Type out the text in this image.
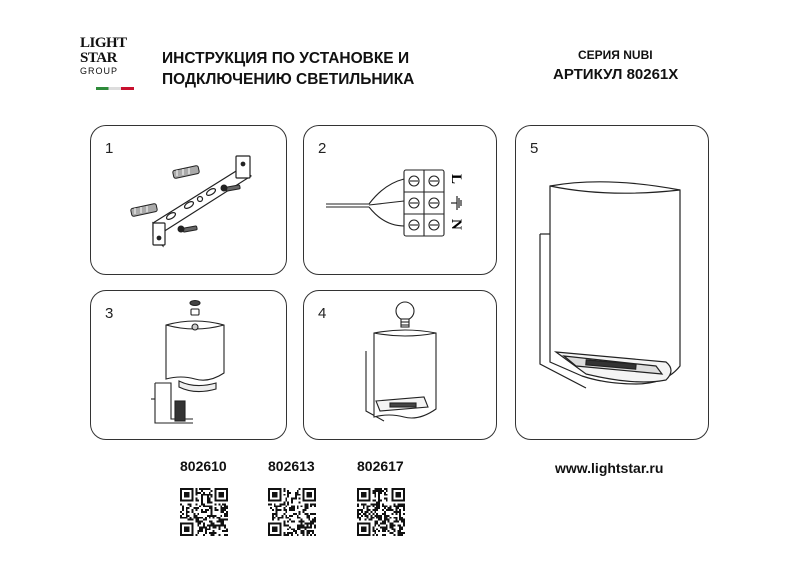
LIGHT
STAR
GROUP
ИНСТРУКЦИЯ ПО УСТАНОВКЕ И
ПОДКЛЮЧЕНИЮ СВЕТИЛЬНИКА
СЕРИЯ NUBI
АРТИКУЛ 80261X
1	2
L
N
3	4
5
802610	802613	802617	www.lightstar.ru
